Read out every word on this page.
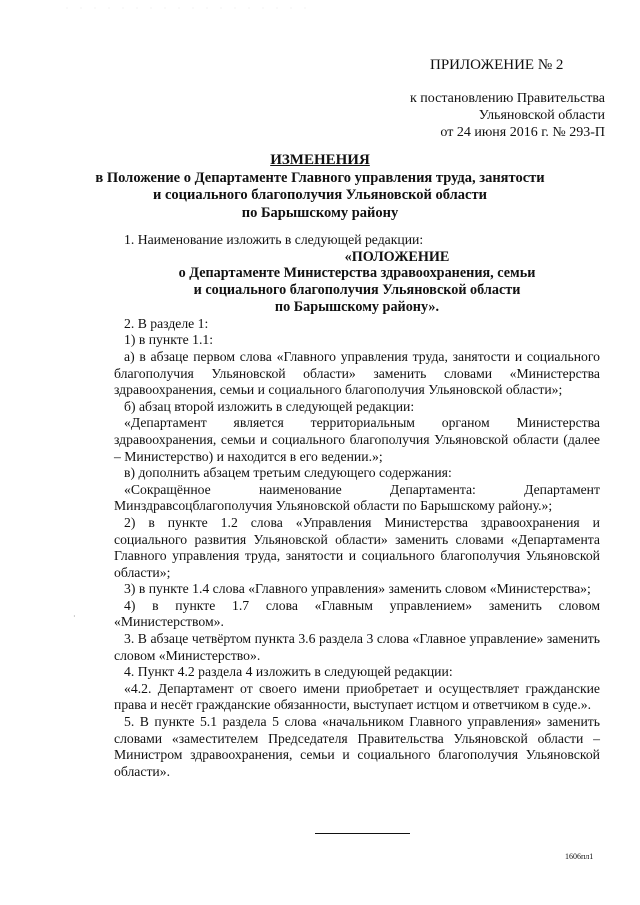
ПРИЛОЖЕНИЕ № 2
к постановлению Правительства
Ульяновской области
от 24 июня 2016 г. № 293-П
ИЗМЕНЕНИЯ
в Положение о Департаменте Главного управления труда, занятости
и социального благополучия Ульяновской области
по Барышскому району

1. Наименование изложить в следующей редакции:

«ПОЛОЖЕНИЕ
о Департаменте Министерства здравоохранения, семьи
и социального благополучия Ульяновской области
по Барышскому району».

2. В разделе 1:

1) в пункте 1.1:

а) в абзаце первом слова «Главного управления труда, занятости и социального благополучия Ульяновской области» заменить словами «Министерства здравоохранения, семьи и социального благополучия Ульяновской области»;

б) абзац второй изложить в следующей редакции:

«Департамент является территориальным органом Министерства здравоохранения, семьи и социального благополучия Ульяновской области (далее – Министерство) и находится в его ведении.»;

в) дополнить абзацем третьим следующего содержания:

«Сокращённое наименование Департамента: Департамент Минздравсоцблагополучия Ульяновской области по Барышскому району.»;

2) в пункте 1.2 слова «Управления Министерства здравоохранения и социального развития Ульяновской области» заменить словами «Департамента Главного управления труда, занятости и социального благополучия Ульяновской области»;

3) в пункте 1.4 слова «Главного управления» заменить словом «Министерства»;

4) в пункте 1.7 слова «Главным управлением» заменить словом «Министерством».

3. В абзаце четвёртом пункта 3.6 раздела 3 слова «Главное управление» заменить словом «Министерство».

4. Пункт 4.2 раздела 4 изложить в следующей редакции:

«4.2. Департамент от своего имени приобретает и осуществляет гражданские права и несёт гражданские обязанности, выступает истцом и ответчиком в суде.».

5. В пункте 5.1 раздела 5 слова «начальником Главного управления» заменить словами «заместителем Председателя Правительства Ульяновской области – Министром здравоохранения, семьи и социального благополучия Ульяновской области».

·
1606пл1
